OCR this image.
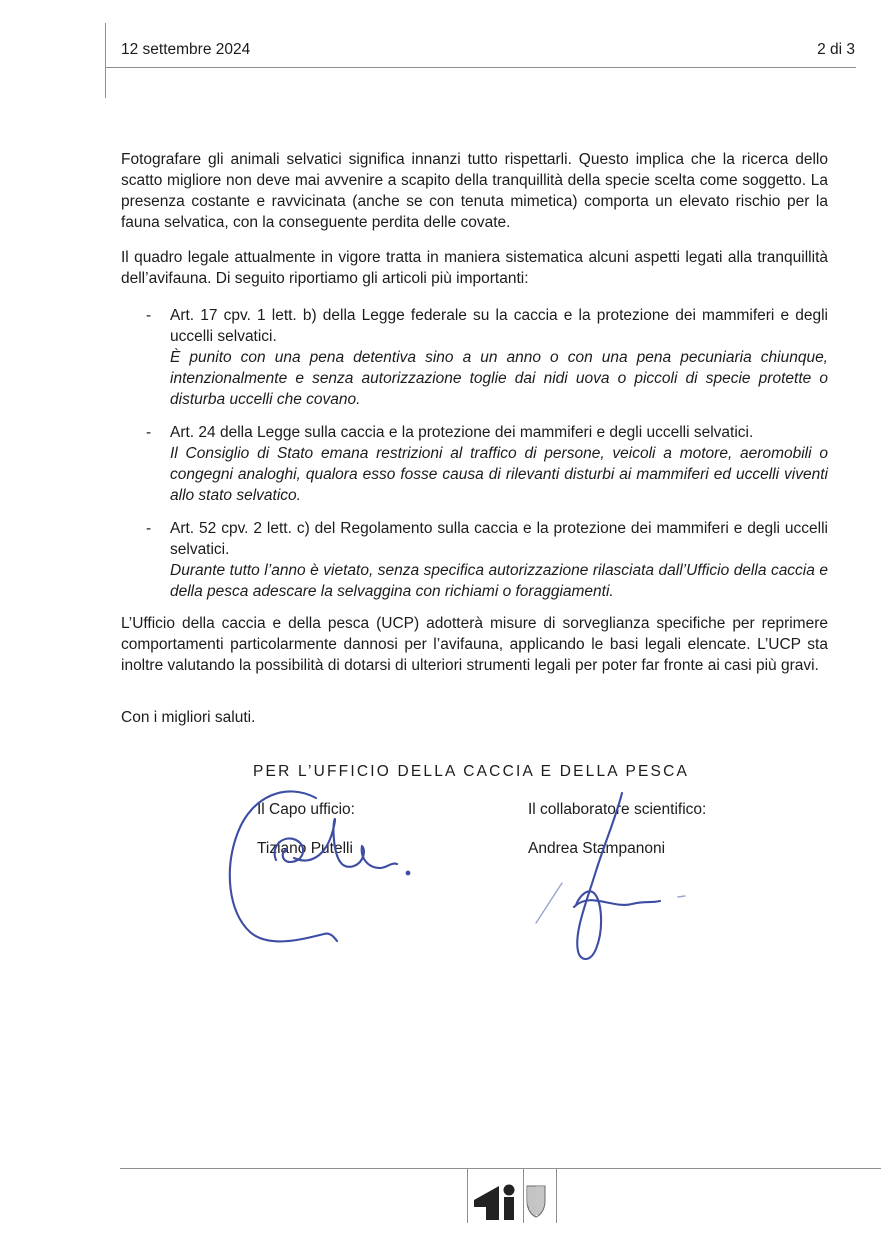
12 settembre 2024	2 di 3

Fotografare gli animali selvatici significa innanzi tutto rispettarli. Questo implica che la ricerca dello scatto migliore non deve mai avvenire a scapito della tranquillità della specie scelta come soggetto. La presenza costante e ravvicinata (anche se con tenuta mimetica) comporta un elevato rischio per la fauna selvatica, con la conseguente perdita delle covate.

Il quadro legale attualmente in vigore tratta in maniera sistematica alcuni aspetti legati alla tranquillità dell’avifauna. Di seguito riportiamo gli articoli più importanti:

-	Art. 17 cpv. 1 lett. b) della Legge federale su la caccia e la protezione dei mammiferi e degli uccelli selvatici.
È punito con una pena detentiva sino a un anno o con una pena pecuniaria chiunque, intenzionalmente e senza autorizzazione toglie dai nidi uova o piccoli di specie protette o disturba uccelli che covano.
-	Art. 24 della Legge sulla caccia e la protezione dei mammiferi e degli uccelli selvatici.
Il Consiglio di Stato emana restrizioni al traffico di persone, veicoli a motore, aeromobili o congegni analoghi, qualora esso fosse causa di rilevanti disturbi ai mammiferi ed uccelli viventi allo stato selvatico.
-	Art. 52 cpv. 2 lett. c) del Regolamento sulla caccia e la protezione dei mammiferi e degli uccelli selvatici.
Durante tutto l’anno è vietato, senza specifica autorizzazione rilasciata dall’Ufficio della caccia e della pesca adescare la selvaggina con richiami o foraggiamenti.

L’Ufficio della caccia e della pesca (UCP) adotterà misure di sorveglianza specifiche per reprimere comportamenti particolarmente dannosi per l’avifauna, applicando le basi legali elencate. L’UCP sta inoltre valutando la possibilità di dotarsi di ulteriori strumenti legali per poter far fronte ai casi più gravi.

Con i migliori saluti.

PER L’UFFICIO DELLA CACCIA E DELLA PESCA
Il Capo ufficio:	Il collaboratore scientifico:
Tiziano Putelli	Andrea Stampanoni
